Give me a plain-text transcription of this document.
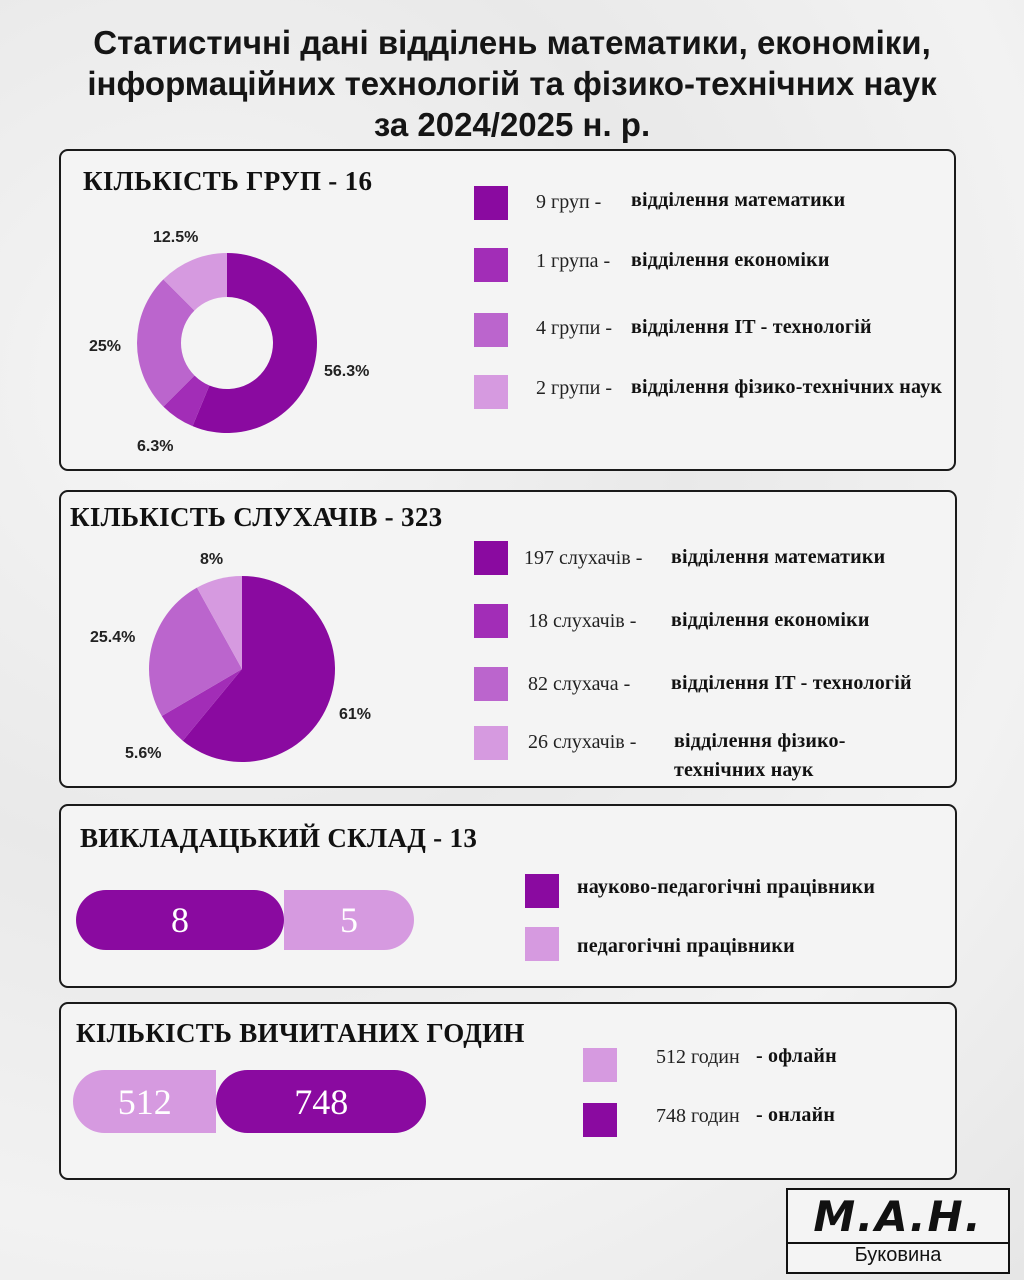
Статистичні дані відділень математики, економіки,
інформаційних технологій та фізико-технічних наук
за 2024/2025 н. р.
КІЛЬКІСТЬ ГРУП - 16
12.5%
25%
56.3%
6.3%
9 груп - відділення математики
1 група - відділення економіки
4 групи - відділення IT - технологій
2 групи - відділення фізико-технічних наук
КІЛЬКІСТЬ СЛУХАЧІВ - 323
8%
25.4%
61%
5.6%
197 слухачів - відділення математики
18 слухачів - відділення економіки
82 слухача - відділення IT - технологій
26 слухачів - відділення фізико-технічних наук
ВИКЛАДАЦЬКИЙ СКЛАД - 13
8	5
науково-педагогічні працівники
педагогічні працівники
КІЛЬКІСТЬ ВИЧИТАНИХ ГОДИН
512	748
512 годин - офлайн
748 годин - онлайн
М.А.Н.
Буковина
